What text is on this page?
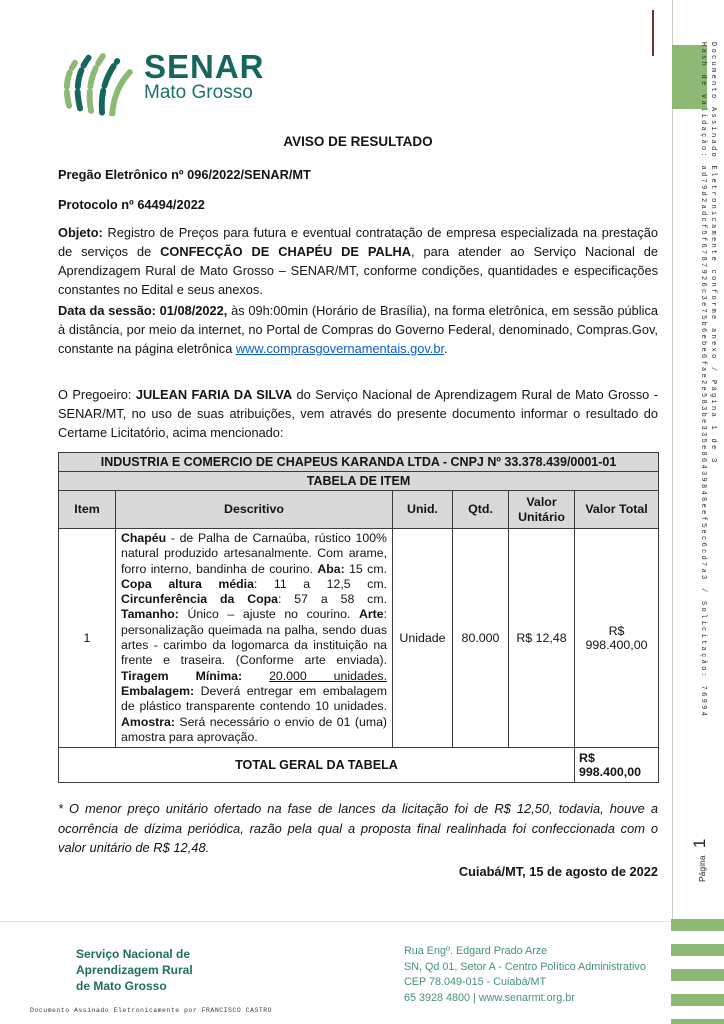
SENAR
Mato Grosso
AVISO DE RESULTADO
Pregão Eletrônico nº 096/2022/SENAR/MT
Protocolo nº 64494/2022
Objeto: Registro de Preços para futura e eventual contratação de empresa especializada na prestação de serviços de CONFECÇÃO DE CHAPÉU DE PALHA, para atender ao Serviço Nacional de Aprendizagem Rural de Mato Grosso – SENAR/MT, conforme condições, quantidades e especificações constantes no Edital e seus anexos.
Data da sessão: 01/08/2022, às 09h:00min (Horário de Brasília), na forma eletrônica, em sessão pública à distância, por meio da internet, no Portal de Compras do Governo Federal, denominado, Compras.Gov, constante na página eletrônica www.comprasgovernamentais.gov.br.
O Pregoeiro: JULEAN FARIA DA SILVA do Serviço Nacional de Aprendizagem Rural de Mato Grosso - SENAR/MT, no uso de suas atribuições, vem através do presente documento informar o resultado do Certame Licitatório, acima mencionado:
INDUSTRIA E COMERCIO DE CHAPEUS KARANDA LTDA - CNPJ Nº 33.378.439/0001-01					
TABELA DE ITEM					
Item	Descritivo	Unid.	Qtd.	Valor Unitário	Valor Total
1	Chapéu - de Palha de Carnaúba, rústico 100% natural produzido artesanalmente. Com arame, forro interno, bandinha de courino. Aba: 15 cm. Copa altura média: 11 a 12,5 cm. Circunferência da Copa: 57 a 58 cm. Tamanho: Único – ajuste no courino. Arte: personalização queimada na palha, sendo duas artes - carimbo da logomarca da instituição na frente e traseira. (Conforme arte enviada). Tiragem Mínima: 20.000 unidades. Embalagem: Deverá entregar em embalagem de plástico transparente contendo 10 unidades. Amostra: Será necessário o envio de 01 (uma) amostra para aprovação.	Unidade	80.000	R$ 12,48	R$ 998.400,00
TOTAL GERAL DA TABELA					R$ 998.400,00
* O menor preço unitário ofertado na fase de lances da licitação foi de R$ 12,50, todavia, houve a ocorrência de dízima periódica, razão pela qual a proposta final realinhada foi confeccionada com o valor unitário de R$ 12,48.
Cuiabá/MT, 15 de agosto de 2022
Serviço Nacional de
Aprendizagem Rural
de Mato Grosso
Rua Engº. Edgard Prado Arze
SN, Qd 01, Setor A - Centro Político Administrativo
CEP 78.049-015 - Cuiabá/MT
65 3928 4800 | www.senarmt.org.br
Documento Assinado Eletronicamente por FRANCISCO CASTRO
Hash de Validação: ad79d2adcf5f6787926c3e75b6ebe6fae2e583be335e86439848eef5ec6cd7a3 / Solicitação: 76994 Documento Assinado Eletronicamente conforme anexo / Página 1 de 3
Página 1
